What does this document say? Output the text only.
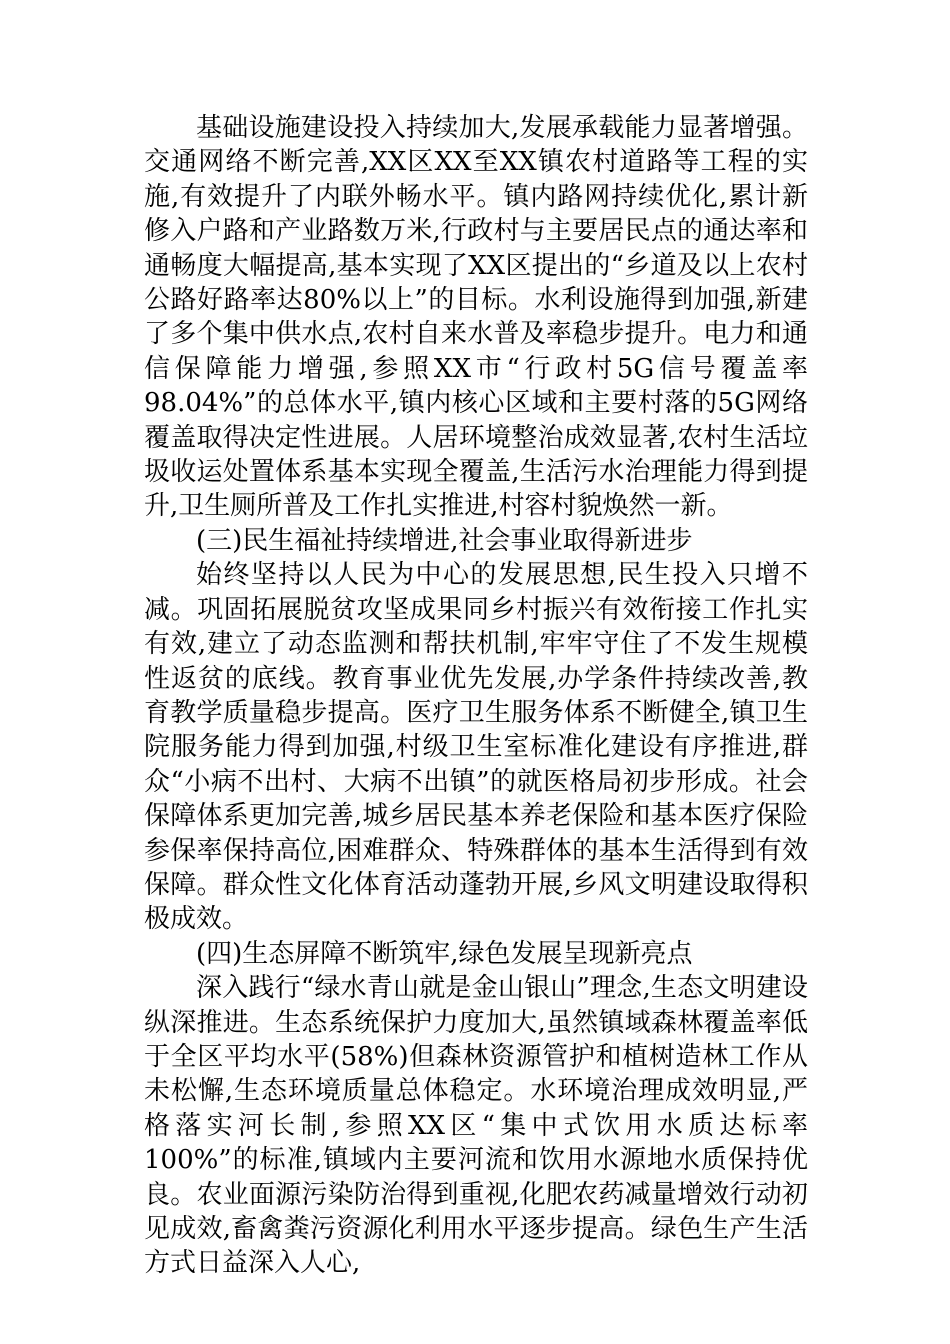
基础设施建设投入持续加大,发展承载能力显著增强。交通网络不断完善,XX区XX至XX镇农村道路等工程的实施,有效提升了内联外畅水平。镇内路网持续优化,累计新修入户路和产业路数万米,行政村与主要居民点的通达率和通畅度大幅提高,基本实现了XX区提出的“乡道及以上农村公路好路率达80%以上”的目标。水利设施得到加强,新建了多个集中供水点,农村自来水普及率稳步提升。电力和通信保障能力增强,参照XX市“行政村5G信号覆盖率98.04%”的总体水平,镇内核心区域和主要村落的5G网络覆盖取得决定性进展。人居环境整治成效显著,农村生活垃圾收运处置体系基本实现全覆盖,生活污水治理能力得到提升,卫生厕所普及工作扎实推进,村容村貌焕然一新。

(三)民生福祉持续增进,社会事业取得新进步

始终坚持以人民为中心的发展思想,民生投入只增不减。巩固拓展脱贫攻坚成果同乡村振兴有效衔接工作扎实有效,建立了动态监测和帮扶机制,牢牢守住了不发生规模性返贫的底线。教育事业优先发展,办学条件持续改善,教育教学质量稳步提高。医疗卫生服务体系不断健全,镇卫生院服务能力得到加强,村级卫生室标准化建设有序推进,群众“小病不出村、大病不出镇”的就医格局初步形成。社会保障体系更加完善,城乡居民基本养老保险和基本医疗保险参保率保持高位,困难群众、特殊群体的基本生活得到有效保障。群众性文化体育活动蓬勃开展,乡风文明建设取得积极成效。

(四)生态屏障不断筑牢,绿色发展呈现新亮点

深入践行“绿水青山就是金山银山”理念,生态文明建设纵深推进。生态系统保护力度加大,虽然镇域森林覆盖率低于全区平均水平(58%)但森林资源管护和植树造林工作从未松懈,生态环境质量总体稳定。水环境治理成效明显,严格落实河长制,参照XX区“集中式饮用水质达标率100%”的标准,镇域内主要河流和饮用水源地水质保持优良。农业面源污染防治得到重视,化肥农药减量增效行动初见成效,畜禽粪污资源化利用水平逐步提高。绿色生产生活方式日益深入人心,
